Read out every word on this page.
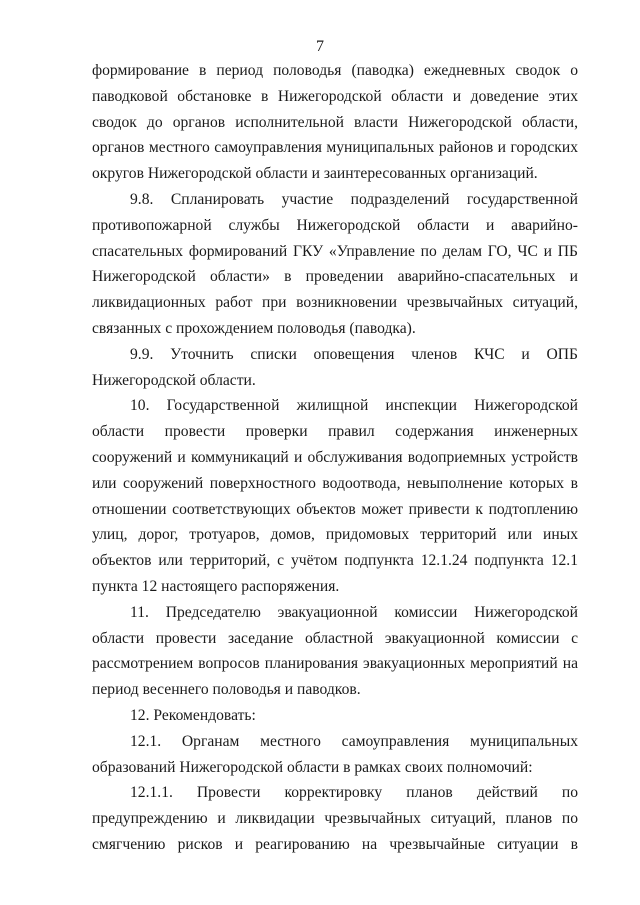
7

формирование в период половодья (паводка) ежедневных сводок о паводковой обстановке в Нижегородской области и доведение этих сводок до органов исполнительной власти Нижегородской области, органов местного самоуправления муниципальных районов и городских округов Нижегородской области и заинтересованных организаций.

9.8. Спланировать участие подразделений государственной противопожарной службы Нижегородской области и аварийно-спасательных формирований ГКУ «Управление по делам ГО, ЧС и ПБ Нижегородской области» в проведении аварийно-спасательных и ликвидационных работ при возникновении чрезвычайных ситуаций, связанных с прохождением половодья (паводка).

9.9. Уточнить списки оповещения членов КЧС и ОПБ Нижегородской области.

10. Государственной жилищной инспекции Нижегородской области провести проверки правил содержания инженерных сооружений и коммуникаций и обслуживания водоприемных устройств или сооружений поверхностного водоотвода, невыполнение которых в отношении соответствующих объектов может привести к подтоплению улиц, дорог, тротуаров, домов, придомовых территорий или иных объектов или территорий, с учётом подпункта 12.1.24 подпункта 12.1 пункта 12 настоящего распоряжения.

11. Председателю эвакуационной комиссии Нижегородской области провести заседание областной эвакуационной комиссии с рассмотрением вопросов планирования эвакуационных мероприятий на период весеннего половодья и паводков.

12. Рекомендовать:

12.1. Органам местного самоуправления муниципальных образований Нижегородской области в рамках своих полномочий:

12.1.1. Провести корректировку планов действий по предупреждению и ликвидации чрезвычайных ситуаций, планов по смягчению рисков и реагированию на чрезвычайные ситуации в
